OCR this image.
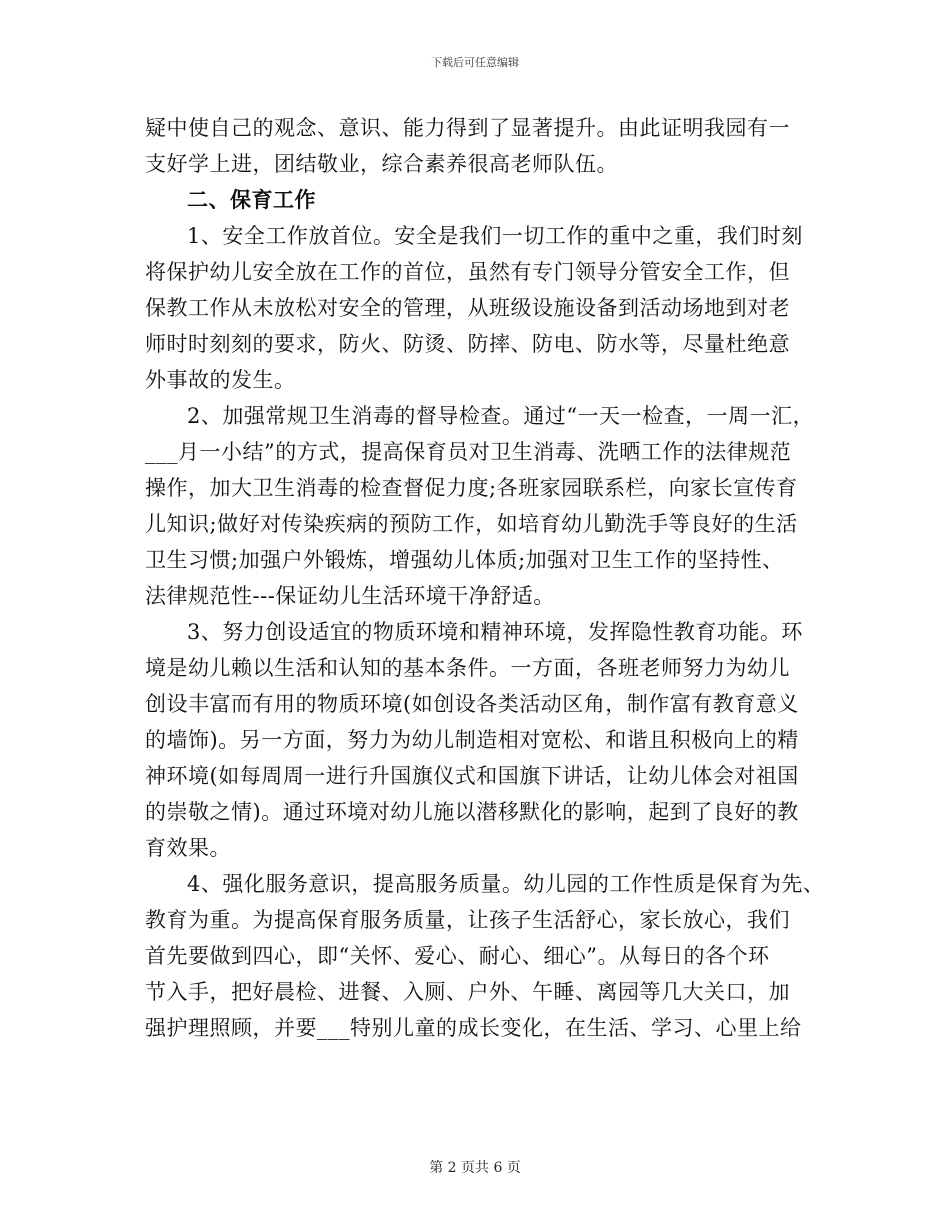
下载后可任意编辑
疑中使自己的观念、意识、能力得到了显著提升。由此证明我园有一
支好学上进，团结敬业，综合素养很高老师队伍。
二、保育工作
1、安全工作放首位。安全是我们一切工作的重中之重，我们时刻
将保护幼儿安全放在工作的首位，虽然有专门领导分管安全工作，但
保教工作从未放松对安全的管理，从班级设施设备到活动场地到对老
师时时刻刻的要求，防火、防烫、防摔、防电、防水等，尽量杜绝意
外事故的发生。
2、加强常规卫生消毒的督导检查。通过“一天一检查，一周一汇，
___月一小结”的方式，提高保育员对卫生消毒、洗晒工作的法律规范
操作，加大卫生消毒的检查督促力度;各班家园联系栏，向家长宣传育
儿知识;做好对传染疾病的预防工作，如培育幼儿勤洗手等良好的生活
卫生习惯;加强户外锻炼，增强幼儿体质;加强对卫生工作的坚持性、
法律规范性---保证幼儿生活环境干净舒适。
3、努力创设适宜的物质环境和精神环境，发挥隐性教育功能。环
境是幼儿赖以生活和认知的基本条件。一方面，各班老师努力为幼儿
创设丰富而有用的物质环境(如创设各类活动区角，制作富有教育意义
的墙饰)。另一方面，努力为幼儿制造相对宽松、和谐且积极向上的精
神环境(如每周周一进行升国旗仪式和国旗下讲话，让幼儿体会对祖国
的崇敬之情)。通过环境对幼儿施以潜移默化的影响，起到了良好的教
育效果。
4、强化服务意识，提高服务质量。幼儿园的工作性质是保育为先、
教育为重。为提高保育服务质量，让孩子生活舒心，家长放心，我们
首先要做到四心，即“关怀、爱心、耐心、细心”。从每日的各个环
节入手，把好晨检、进餐、入厕、户外、午睡、离园等几大关口，加
强护理照顾，并要___特别儿童的成长变化，在生活、学习、心里上给
第 2 页共 6 页
